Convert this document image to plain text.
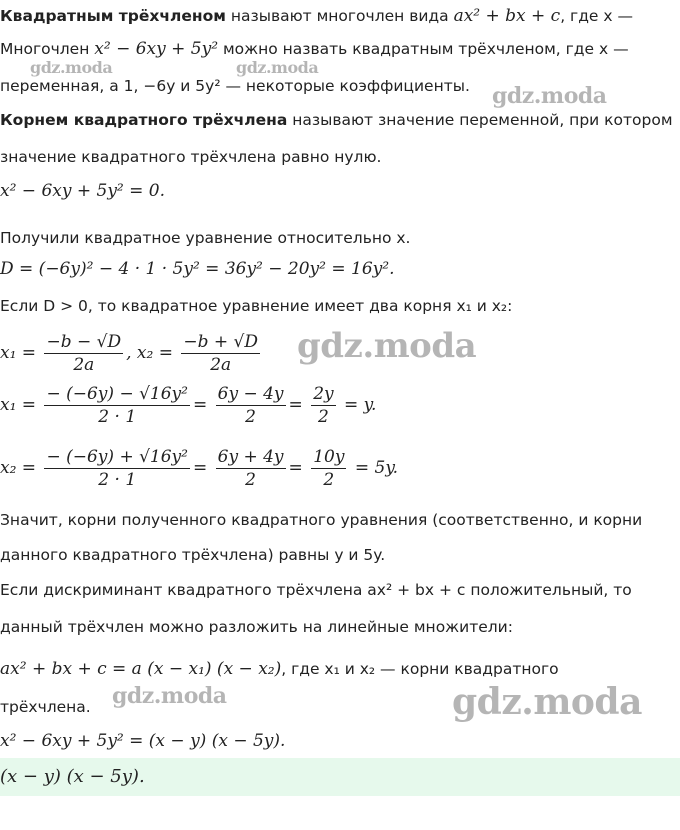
Квадратным трёхчленом называют многочлен вида ax² + bx + c, где x —
Многочлен x² − 6xy + 5y² можно назвать квадратным трёхчленом, где x —
переменная, а 1, −6y и 5y² — некоторые коэффициенты.
Корнем квадратного трёхчлена называют значение переменной, при котором
значение квадратного трёхчлена равно нулю.
x² − 6xy + 5y² = 0.
Получили квадратное уравнение относительно x.
D = (−6y)² − 4 · 1 · 5y² = 36y² − 20y² = 16y².
Если D > 0, то квадратное уравнение имеет два корня x₁ и x₂:
$x_1 = \frac{-b - √D}{2a}$ , $x_2 = \frac{-b + √D}{2a}$
$x_1 = \frac{\text{− (−6y) − √16y²}}{2 \cdot 1} = \frac{6y - 4y}{2} = \frac{2y}{2} = y$.
$x_2 = \frac{\text{− (−6y) + √16y²}}{2 \cdot 1} = \frac{6y + 4y}{2} = \frac{10y}{2} = 5y$.
Значит, корни полученного квадратного уравнения (соответственно, и корни
данного квадратного трёхчлена) равны y и 5y.
Если дискриминант квадратного трёхчлена ax² + bx + c положительный, то
данный трёхчлен можно разложить на линейные множители:
ax² + bx + c = a (x − x₁) (x − x₂), где x₁ и x₂ — корни квадратного
трёхчлена.
x² − 6xy + 5y² = (x − y) (x − 5y).
(x − y) (x − 5y).
gdz.moda	gdz.moda
gdz.moda
gdz.moda
gdz.moda	gdz.moda
